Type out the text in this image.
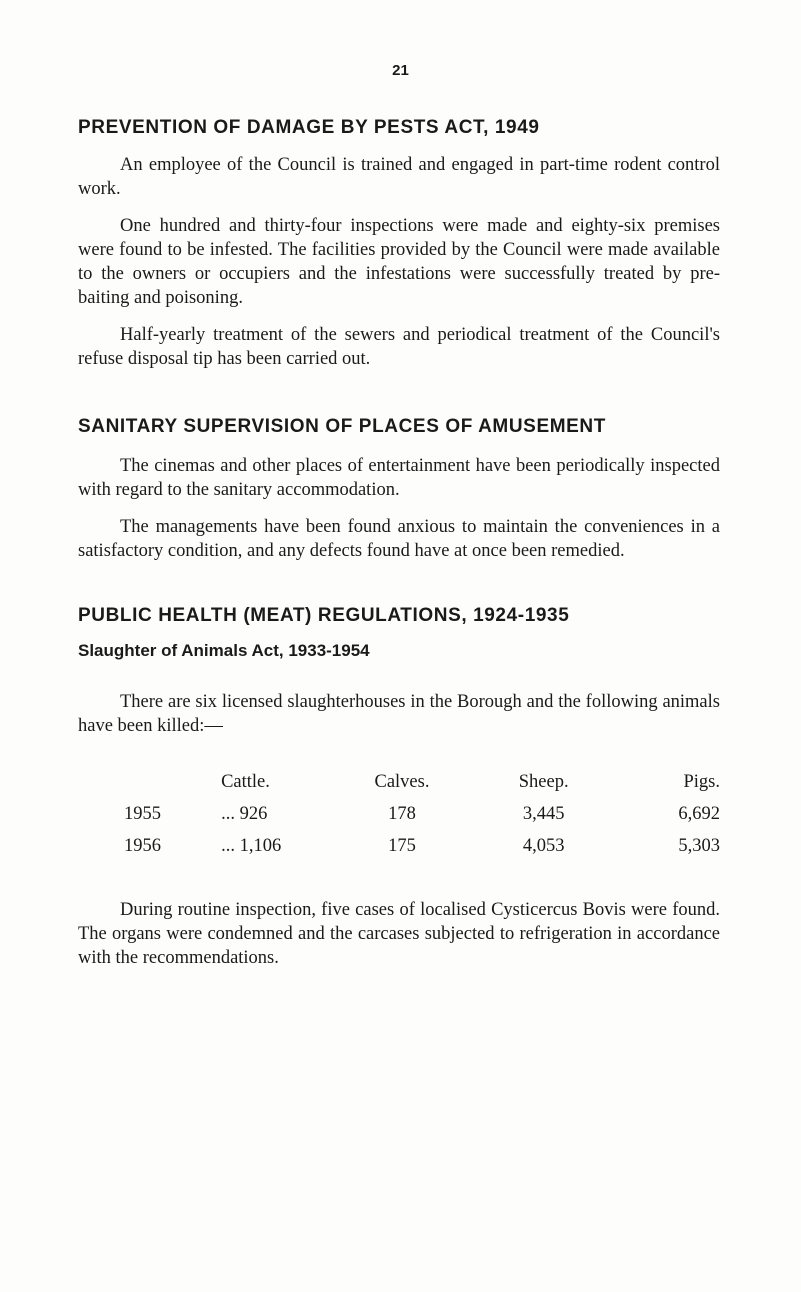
21
PREVENTION OF DAMAGE BY PESTS ACT, 1949

An employee of the Council is trained and engaged in part-time rodent control work.

One hundred and thirty-four inspections were made and eighty-six premises were found to be infested. The facilities provided by the Council were made available to the owners or occupiers and the infestations were successfully treated by pre-baiting and poisoning.

Half-yearly treatment of the sewers and periodical treatment of the Council's refuse disposal tip has been carried out.

SANITARY SUPERVISION OF PLACES OF AMUSEMENT

The cinemas and other places of entertainment have been periodically inspected with regard to the sanitary accommodation.

The managements have been found anxious to maintain the conveniences in a satisfactory condition, and any defects found have at once been remedied.

PUBLIC HEALTH (MEAT) REGULATIONS, 1924-1935
Slaughter of Animals Act, 1933-1954

There are six licensed slaughterhouses in the Borough and the following animals have been killed:—

	Cattle.	Calves.	Sheep.	Pigs.
1955	... 926	178	3,445	6,692
1956	... 1,106	175	4,053	5,303

During routine inspection, five cases of localised Cysticercus Bovis were found. The organs were condemned and the carcases subjected to refrigeration in accordance with the recommendations.
